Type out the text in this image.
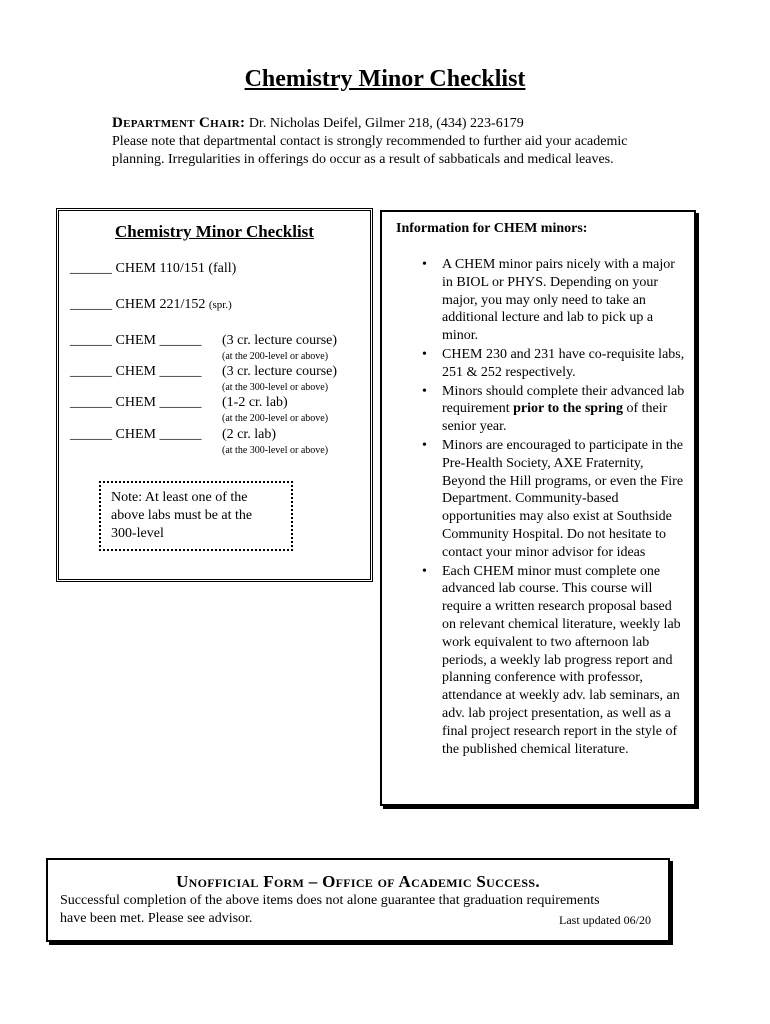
Chemistry Minor Checklist
Department Chair: Dr. Nicholas Deifel, Gilmer 218, (434) 223-6179
Please note that departmental contact is strongly recommended to further aid your academic planning. Irregularities in offerings do occur as a result of sabbaticals and medical leaves.
Chemistry Minor Checklist
______ CHEM 110/151 (fall)
______ CHEM 221/152 (spr.)
______ CHEM ______ (3 cr. lecture course)
(at the 200-level or above)
______ CHEM ______ (3 cr. lecture course)
(at the 300-level or above)
______ CHEM ______ (1-2 cr. lab)
(at the 200-level or above)
______ CHEM ______ (2 cr. lab)
(at the 300-level or above)
Note: At least one of the above labs must be at the 300-level
Information for CHEM minors:
• A CHEM minor pairs nicely with a major in BIOL or PHYS. Depending on your major, you may only need to take an additional lecture and lab to pick up a minor.
• CHEM 230 and 231 have co-requisite labs, 251 & 252 respectively.
• Minors should complete their advanced lab requirement prior to the spring of their senior year.
• Minors are encouraged to participate in the Pre-Health Society, AXE Fraternity, Beyond the Hill programs, or even the Fire Department. Community-based opportunities may also exist at Southside Community Hospital. Do not hesitate to contact your minor advisor for ideas
• Each CHEM minor must complete one advanced lab course. This course will require a written research proposal based on relevant chemical literature, weekly lab work equivalent to two afternoon lab periods, a weekly lab progress report and planning conference with professor, attendance at weekly adv. lab seminars, an adv. lab project presentation, as well as a final project research report in the style of the published chemical literature.
Unofficial Form – Office of Academic Success.
Successful completion of the above items does not alone guarantee that graduation requirements
have been met. Please see advisor.	Last updated 06/20
